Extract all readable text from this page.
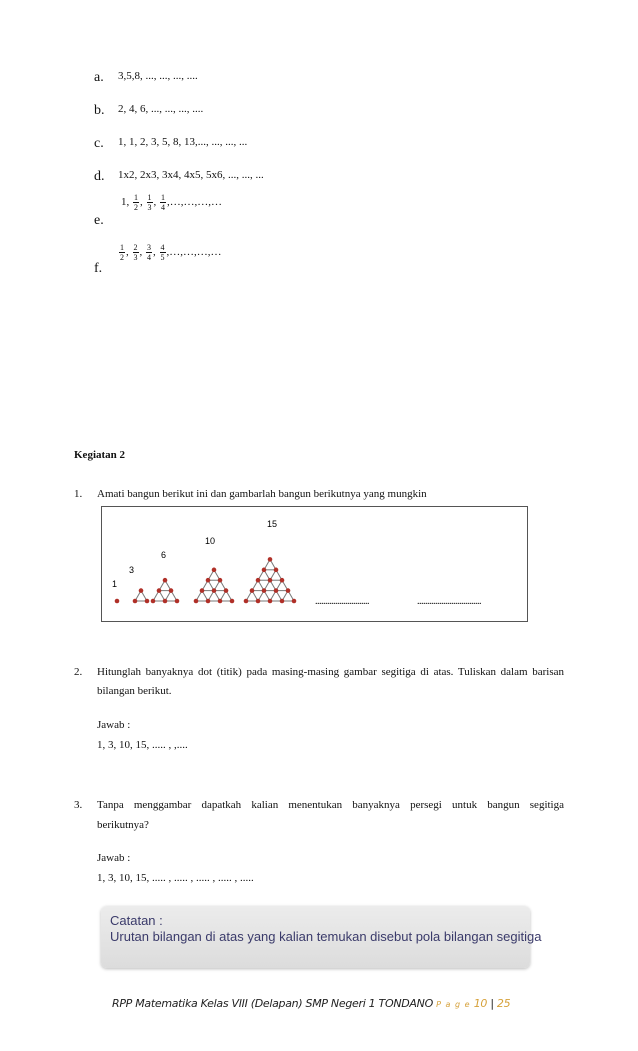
a. 3,5,8, ..., ..., ..., ....
b. 2, 4, 6, ..., ..., ..., ....
c. 1, 1, 2, 3, 5, 8, 13,..., ..., ..., ...
d. 1x2, 2x3, 3x4, 4x5, 5x6, ..., ..., ...
e.
1, $\frac{1}{2}$ , $\frac{1}{3}$ , $\frac{1}{4}$ ,…,…,…,…
f.
$\frac{1}{2}$ , $\frac{2}{3}$ , $\frac{3}{4}$ , $\frac{4}{5}$ ,…,…,…,…
Kegiatan 2
1. Amati bangun berikut ini dan gambarlah bangun berikutnya yang mungkin
1
3
6
10
15
...........................	................................
2. Hitunglah banyaknya dot (titik) pada masing-masing gambar segitiga di atas. Tuliskan dalam barisan
bilangan berikut.
Jawab :
1, 3, 10, 15, ..... , ,....
3. Tanpa menggambar dapatkah kalian menentukan banyaknya persegi untuk bangun segitiga
berikutnya?
Jawab :
1, 3, 10, 15, ..... , ..... , ..... , ..... , .....
Catatan :
Urutan bilangan di atas yang kalian temukan disebut pola bilangan segitiga
RPP Matematika Kelas VIII (Delapan) SMP Negeri 1 TONDANO P a g e 10 | 25
